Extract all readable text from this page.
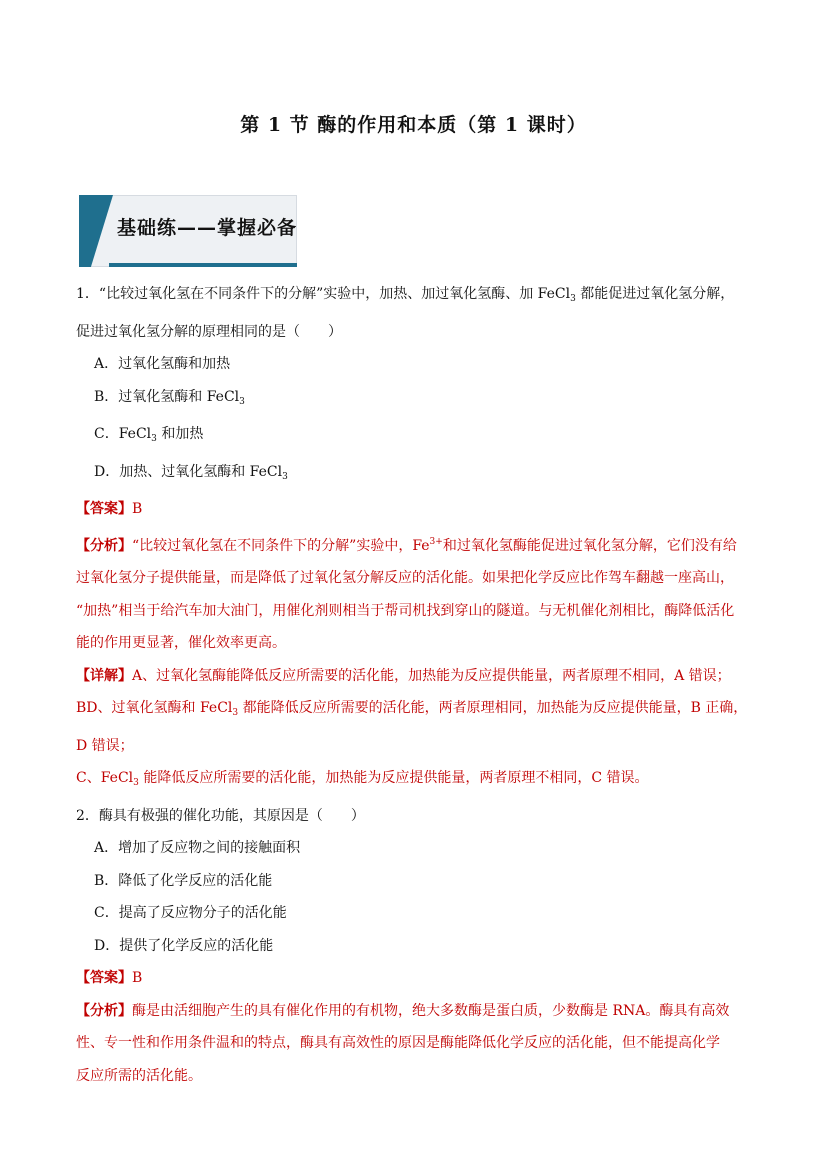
第 1 节 酶的作用和本质（第 1 课时）
基础练——掌握必备
1．“比较过氧化氢在不同条件下的分解”实验中，加热、加过氧化氢酶、加 FeCl$_3$ 都能促进过氧化氢分解，
促进过氧化氢分解的原理相同的是（　　）
A．过氧化氢酶和加热
B．过氧化氢酶和 FeCl$_3$
C．FeCl$_3$ 和加热
D．加热、过氧化氢酶和 FeCl$_3$
【答案】B
【分析】“比较过氧化氢在不同条件下的分解”实验中，$Fe^{3+}$和过氧化氢酶能促进过氧化氢分解，它们没有给
过氧化氢分子提供能量，而是降低了过氧化氢分解反应的活化能。如果把化学反应比作驾车翻越一座高山，
“加热”相当于给汽车加大油门，用催化剂则相当于帮司机找到穿山的隧道。与无机催化剂相比，酶降低活化
能的作用更显著，催化效率更高。
【详解】A、过氧化氢酶能降低反应所需要的活化能，加热能为反应提供能量，两者原理不相同，A 错误；
BD、过氧化氢酶和 FeCl$_3$ 都能降低反应所需要的活化能，两者原理相同，加热能为反应提供能量，B 正确，
D 错误；
C、FeCl$_3$ 能降低反应所需要的活化能，加热能为反应提供能量，两者原理不相同，C 错误。
2．酶具有极强的催化功能，其原因是（　　）
A．增加了反应物之间的接触面积
B．降低了化学反应的活化能
C．提高了反应物分子的活化能
D．提供了化学反应的活化能
【答案】B
【分析】酶是由活细胞产生的具有催化作用的有机物，绝大多数酶是蛋白质，少数酶是 RNA。酶具有高效
性、专一性和作用条件温和的特点，酶具有高效性的原因是酶能降低化学反应的活化能，但不能提高化学
反应所需的活化能。
